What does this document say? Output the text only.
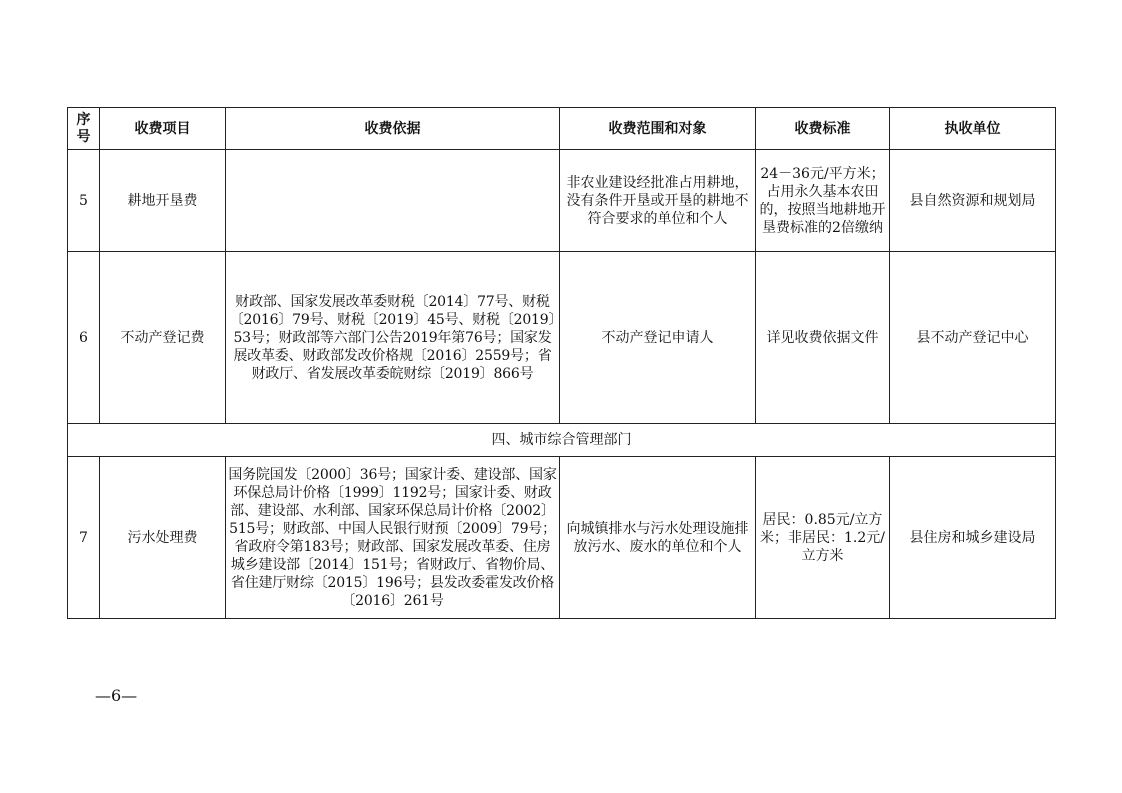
序号	收费项目	收费依据	收费范围和对象	收费标准	执收单位
5	耕地开垦费		非农业建设经批准占用耕地，没有条件开垦或开垦的耕地不符合要求的单位和个人	24－36元/平方米；占用永久基本农田的，按照当地耕地开垦费标准的2倍缴纳	县自然资源和规划局
6	不动产登记费	财政部、国家发展改革委财税〔2014〕77号、财税〔2016〕79号、财税〔2019〕45号、财税〔2019〕53号；财政部等六部门公告2019年第76号；国家发展改革委、财政部发改价格规〔2016〕2559号；省财政厅、省发展改革委皖财综〔2019〕866号	不动产登记申请人	详见收费依据文件	县不动产登记中心
四、城市综合管理部门					
7	污水处理费	国务院国发〔2000〕36号；国家计委、建设部、国家环保总局计价格〔1999〕1192号；国家计委、财政部、建设部、水利部、国家环保总局计价格〔2002〕515号；财政部、中国人民银行财预〔2009〕79号；省政府令第183号；财政部、国家发展改革委、住房城乡建设部〔2014〕151号；省财政厅、省物价局、省住建厅财综〔2015〕196号；县发改委霍发改价格〔2016〕261号	向城镇排水与污水处理设施排放污水、废水的单位和个人	居民：0.85元/立方米；非居民：1.2元/立方米	县住房和城乡建设局
—6—
